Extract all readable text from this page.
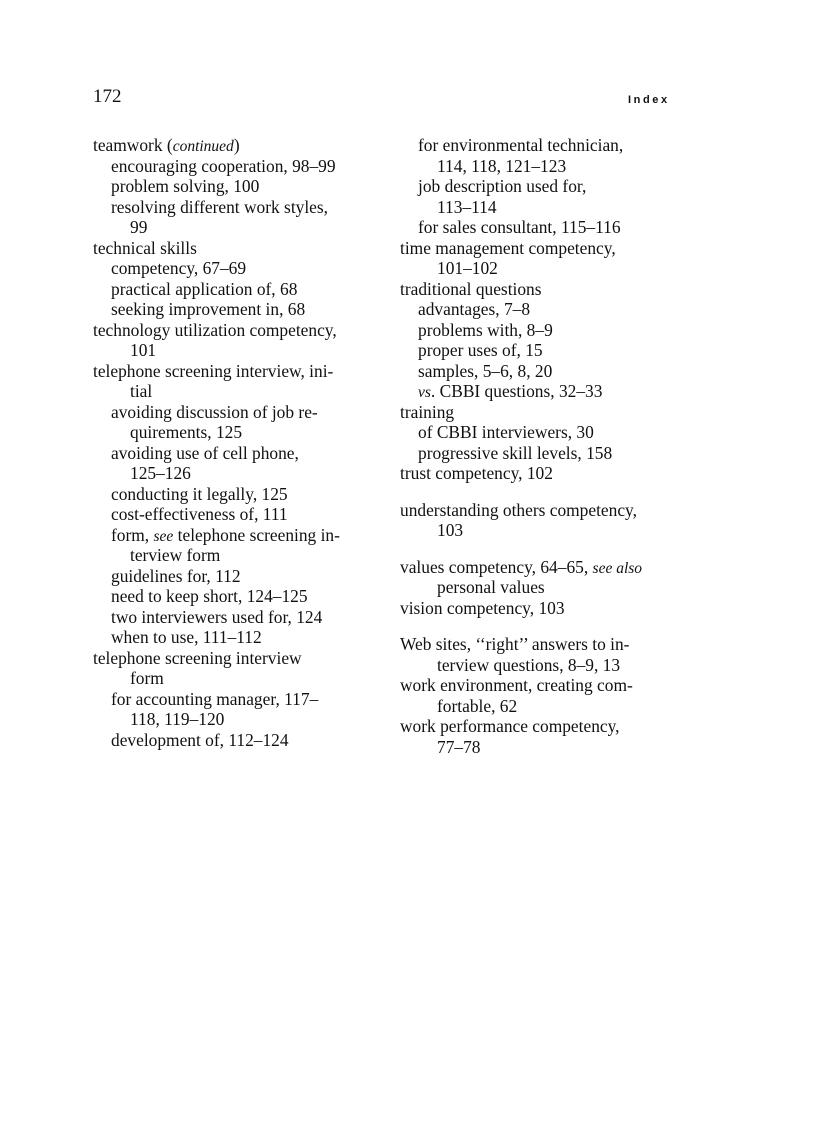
172	Index
teamwork (continued)
encouraging cooperation, 98–99
problem solving, 100
resolving different work styles,
99
technical skills
competency, 67–69
practical application of, 68
seeking improvement in, 68
technology utilization competency,
101
telephone screening interview, ini-
tial
avoiding discussion of job re-
quirements, 125
avoiding use of cell phone,
125–126
conducting it legally, 125
cost-effectiveness of, 111
form, see telephone screening in-
terview form
guidelines for, 112
need to keep short, 124–125
two interviewers used for, 124
when to use, 111–112
telephone screening interview
form
for accounting manager, 117–
118, 119–120
development of, 112–124
for environmental technician,
114, 118, 121–123
job description used for,
113–114
for sales consultant, 115–116
time management competency,
101–102
traditional questions
advantages, 7–8
problems with, 8–9
proper uses of, 15
samples, 5–6, 8, 20
vs. CBBI questions, 32–33
training
of CBBI interviewers, 30
progressive skill levels, 158
trust competency, 102
understanding others competency,
103
values competency, 64–65, see also
personal values
vision competency, 103
Web sites, ‘‘right’’ answers to in-
terview questions, 8–9, 13
work environment, creating com-
fortable, 62
work performance competency,
77–78
